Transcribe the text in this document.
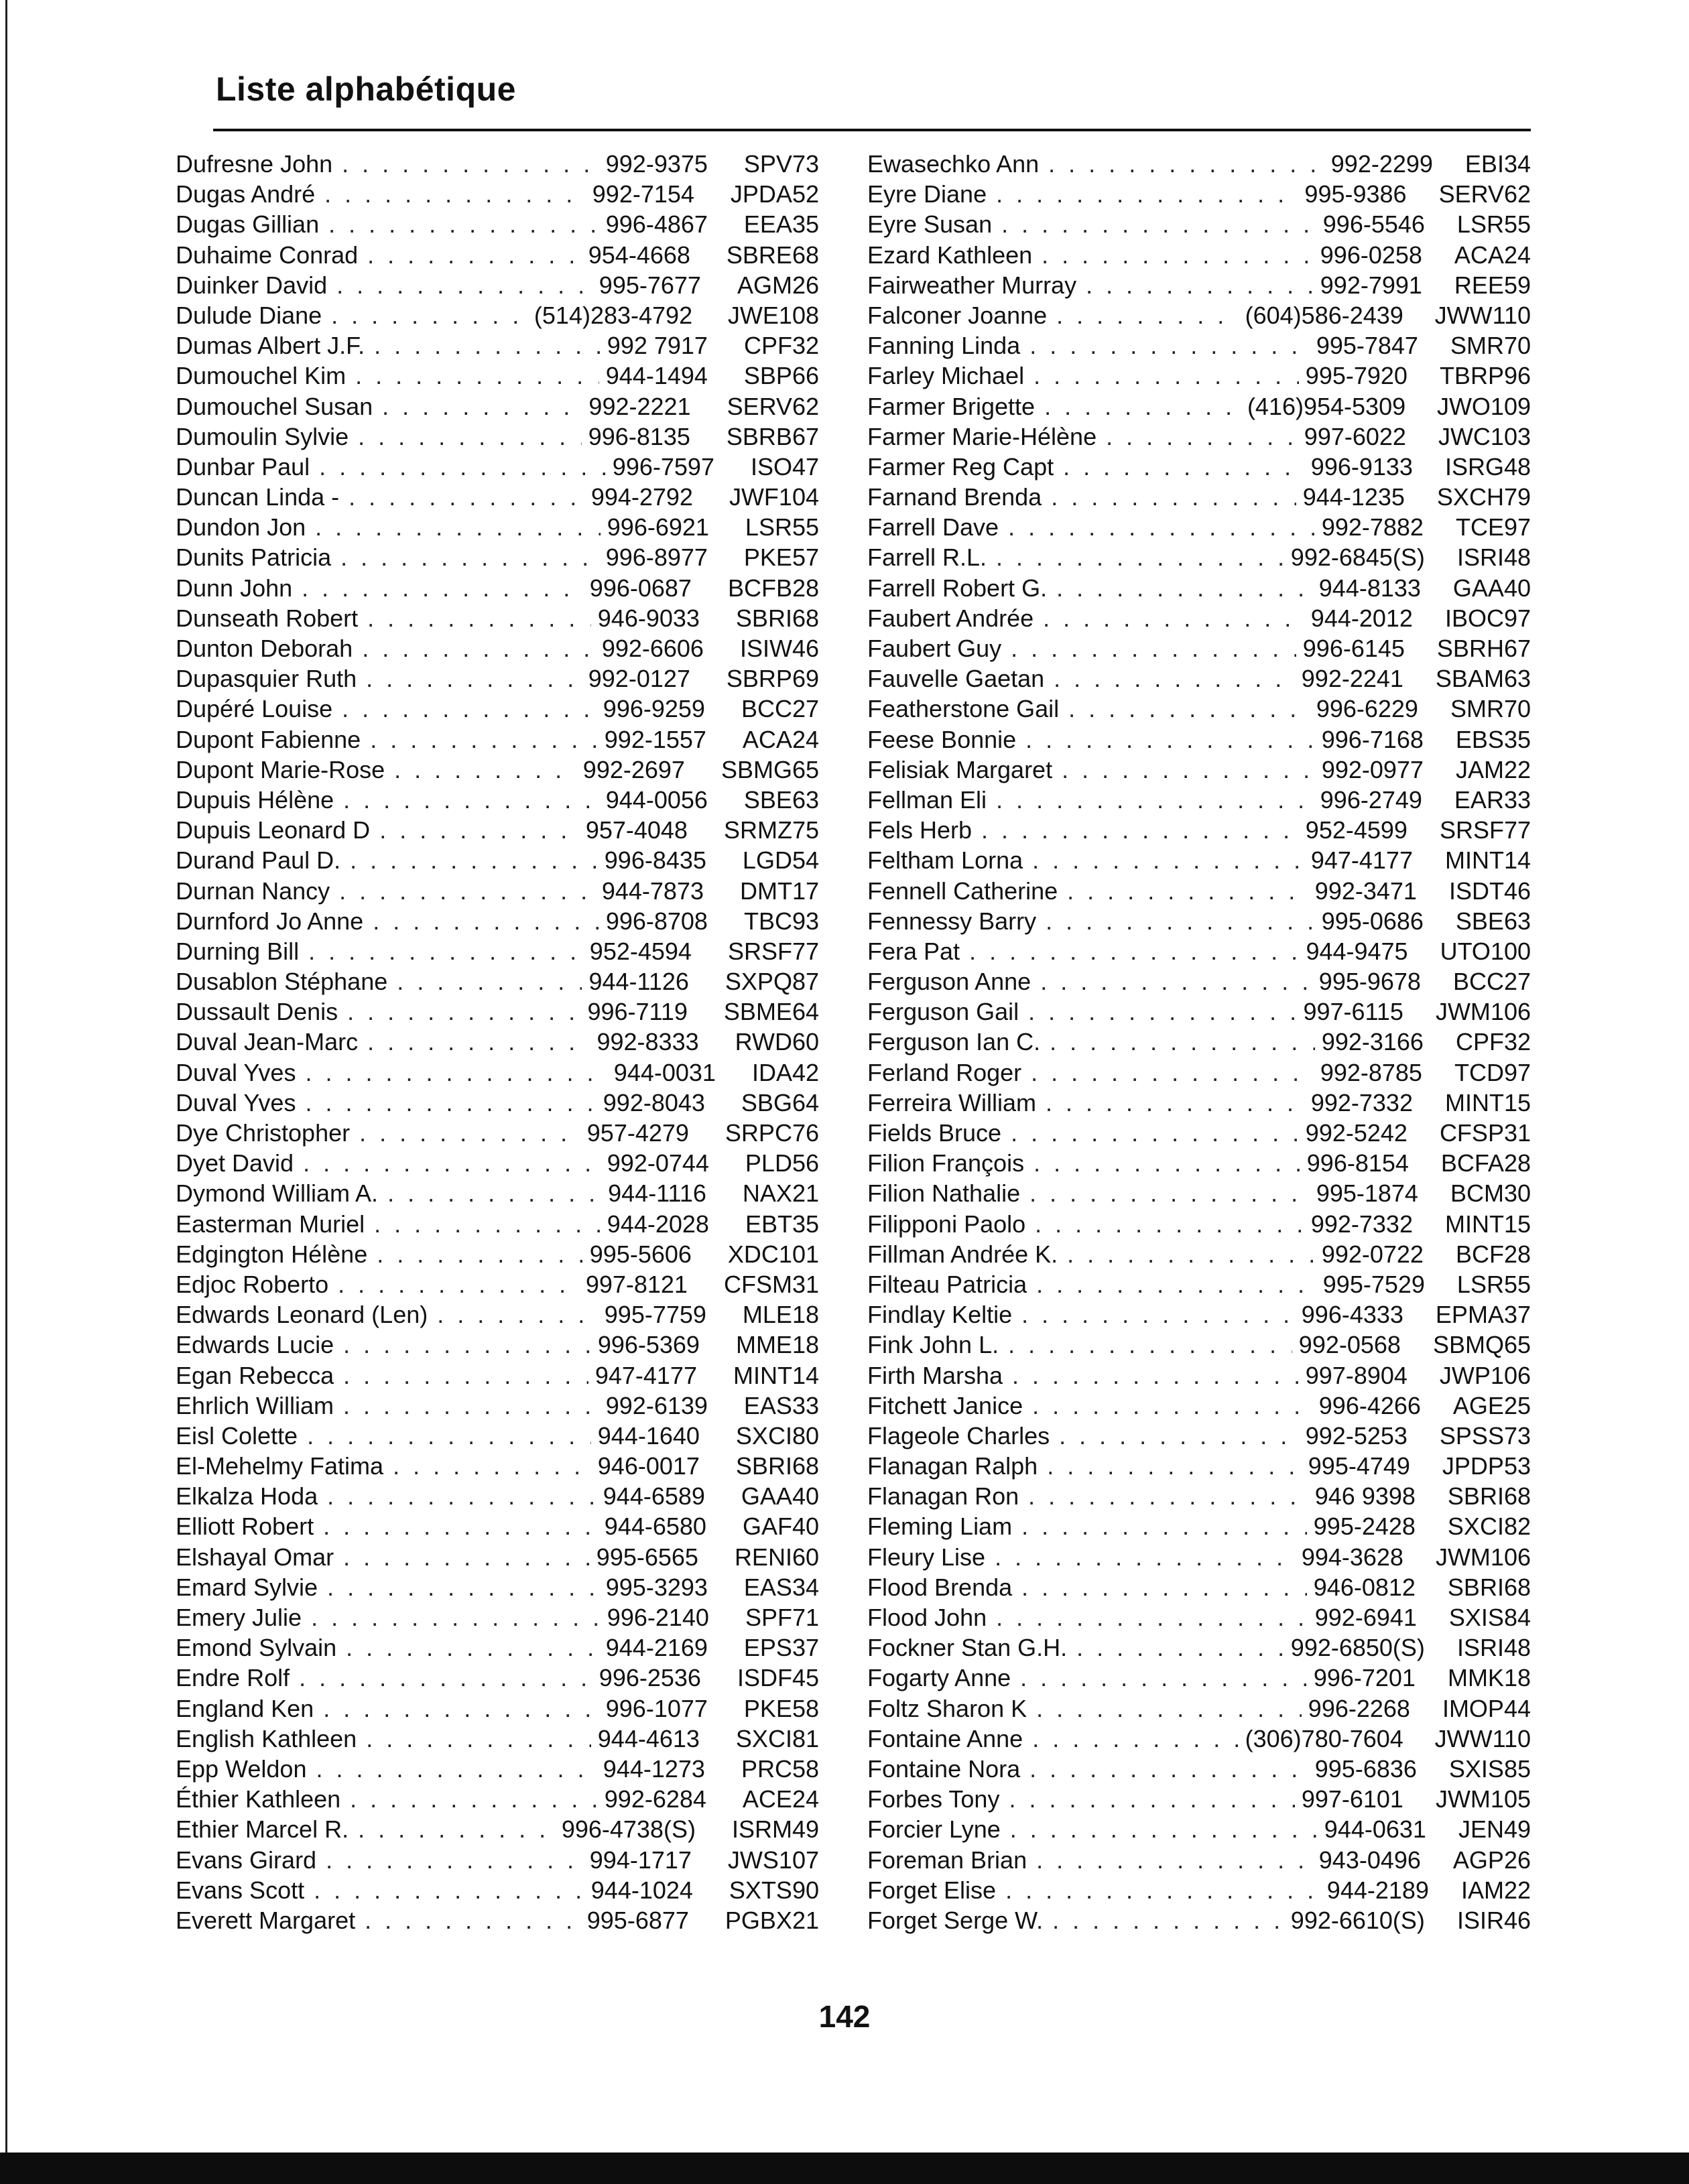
Liste alphabétique
Dufresne John . . .	992-9375 SPV 73
Dugas André . . .	992-7154 JPDA 52
Dugas Gillian . . .	996-4867 EEA 35
Duhaime Conrad . . .	954-4668 SBRE 68
Duinker David . . .	995-7677 AGM 26
Dulude Diane . . .	(514)283-4792 JWE 108
Dumas Albert J.F. . . .	992 7917 CPF 32
Dumouchel Kim . . .	944-1494 SBP 66
Dumouchel Susan . . .	992-2221 SERV 62
Dumoulin Sylvie . . .	996-8135 SBRB 67
Dunbar Paul . . .	996-7597 ISO 47
Duncan Linda - . . .	994-2792 JWF 104
Dundon Jon . . .	996-6921 LSR 55
Dunits Patricia . . .	996-8977 PKE 57
Dunn John . . .	996-0687 BCFB 28
Dunseath Robert . . .	946-9033 SBRI 68
Dunton Deborah . . .	992-6606 ISIW 46
Dupasquier Ruth . . .	992-0127 SBRP 69
Dupéré Louise . . .	996-9259 BCC 27
Dupont Fabienne . . .	992-1557 ACA 24
Dupont Marie-Rose . . .	992-2697 SBMG 65
Dupuis Hélène . . .	944-0056 SBE 63
Dupuis Leonard D . . .	957-4048 SRMZ 75
Durand Paul D. . . .	996-8435 LGD 54
Durnan Nancy . . .	944-7873 DMT 17
Durnford Jo Anne . . .	996-8708 TBC 93
Durning Bill . . .	952-4594 SRSF 77
Dusablon Stéphane . . .	944-1126 SXPQ 87
Dussault Denis . . .	996-7119 SBME 64
Duval Jean-Marc . . .	992-8333 RWD 60
Duval Yves . . .	944-0031 IDA 42
Duval Yves . . .	992-8043 SBG 64
Dye Christopher . . .	957-4279 SRPC 76
Dyet David . . .	992-0744 PLD 56
Dymond William A. . . .	944-1116 NAX 21
Easterman Muriel . . .	944-2028 EBT 35
Edgington Hélène . . .	995-5606 XDC 101
Edjoc Roberto . . .	997-8121 CFSM 31
Edwards Leonard (Len) . . .	995-7759 MLE 18
Edwards Lucie . . .	996-5369 MME 18
Egan Rebecca . . .	947-4177 MINT 14
Ehrlich William . . .	992-6139 EAS 33
Eisl Colette . . .	944-1640 SXCI 80
El-Mehelmy Fatima . . .	946-0017 SBRI 68
Elkalza Hoda . . .	944-6589 GAA 40
Elliott Robert . . .	944-6580 GAF 40
Elshayal Omar . . .	995-6565 RENI 60
Emard Sylvie . . .	995-3293 EAS 34
Emery Julie . . .	996-2140 SPF 71
Emond Sylvain . . .	944-2169 EPS 37
Endre Rolf . . .	996-2536 ISDF 45
England Ken . . .	996-1077 PKE 58
English Kathleen . . .	944-4613 SXCI 81
Epp Weldon . . .	944-1273 PRC 58
Éthier Kathleen . . .	992-6284 ACE 24
Ethier Marcel R. . . .	996-4738(S) ISRM 49
Evans Girard . . .	994-1717 JWS 107
Evans Scott . . .	944-1024 SXTS 90
Everett Margaret . . .	995-6877 PGBX 21
Ewasechko Ann . . .	992-2299 EBI 34
Eyre Diane . . .	995-9386 SERV 62
Eyre Susan . . .	996-5546 LSR 55
Ezard Kathleen . . .	996-0258 ACA 24
Fairweather Murray . . .	992-7991 REE 59
Falconer Joanne . . .	(604)586-2439 JWW 110
Fanning Linda . . .	995-7847 SMR 70
Farley Michael . . .	995-7920 TBRP 96
Farmer Brigette . . .	(416)954-5309 JWO 109
Farmer Marie-Hélène . . .	997-6022 JWC 103
Farmer Reg Capt . . .	996-9133 ISRG 48
Farnand Brenda . . .	944-1235 SXCH 79
Farrell Dave . . .	992-7882 TCE 97
Farrell R.L. . . .	992-6845(S) ISRI 48
Farrell Robert G. . . .	944-8133 GAA 40
Faubert Andrée . . .	944-2012 IBOC 97
Faubert Guy . . .	996-6145 SBRH 67
Fauvelle Gaetan . . .	992-2241 SBAM 63
Featherstone Gail . . .	996-6229 SMR 70
Feese Bonnie . . .	996-7168 EBS 35
Felisiak Margaret . . .	992-0977 JAM 22
Fellman Eli . . .	996-2749 EAR 33
Fels Herb . . .	952-4599 SRSF 77
Feltham Lorna . . .	947-4177 MINT 14
Fennell Catherine . . .	992-3471 ISDT 46
Fennessy Barry . . .	995-0686 SBE 63
Fera Pat . . .	944-9475 UTO 100
Ferguson Anne . . .	995-9678 BCC 27
Ferguson Gail . . .	997-6115 JWM 106
Ferguson Ian C. . . .	992-3166 CPF 32
Ferland Roger . . .	992-8785 TCD 97
Ferreira William . . .	992-7332 MINT 15
Fields Bruce . . .	992-5242 CFSP 31
Filion François . . .	996-8154 BCFA 28
Filion Nathalie . . .	995-1874 BCM 30
Filipponi Paolo . . .	992-7332 MINT 15
Fillman Andrée K. . . .	992-0722 BCF 28
Filteau Patricia . . .	995-7529 LSR 55
Findlay Keltie . . .	996-4333 EPMA 37
Fink John L. . . .	992-0568 SBMQ 65
Firth Marsha . . .	997-8904 JWP 106
Fitchett Janice . . .	996-4266 AGE 25
Flageole Charles . . .	992-5253 SPSS 73
Flanagan Ralph . . .	995-4749 JPDP 53
Flanagan Ron . . .	946 9398 SBRI 68
Fleming Liam . . .	995-2428 SXCI 82
Fleury Lise . . .	994-3628 JWM 106
Flood Brenda . . .	946-0812 SBRI 68
Flood John . . .	992-6941 SXIS 84
Fockner Stan G.H. . . .	992-6850(S) ISRI 48
Fogarty Anne . . .	996-7201 MMK 18
Foltz Sharon K . . .	996-2268 IMOP 44
Fontaine Anne . . .	(306)780-7604 JWW 110
Fontaine Nora . . .	995-6836 SXIS 85
Forbes Tony . . .	997-6101 JWM 105
Forcier Lyne . . .	944-0631 JEN 49
Foreman Brian . . .	943-0496 AGP 26
Forget Elise . . .	944-2189 IAM 22
Forget Serge W. . . .	992-6610(S) ISIR 46
142
